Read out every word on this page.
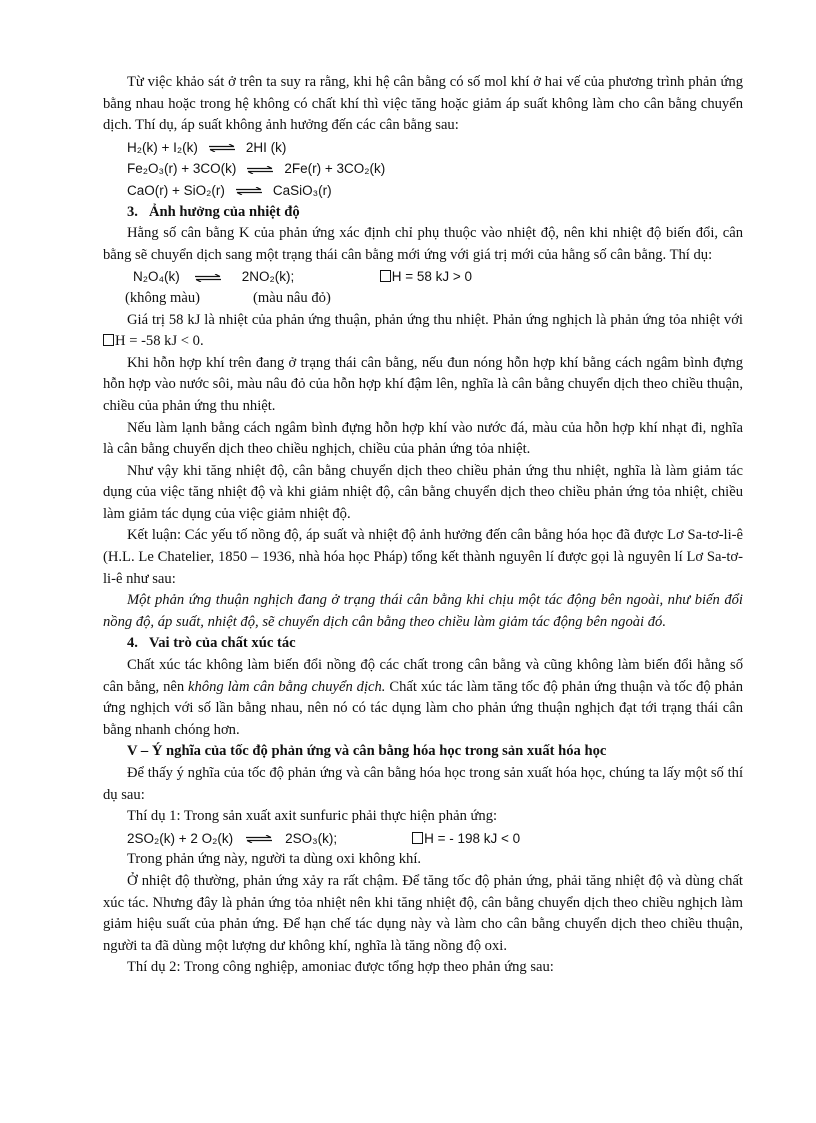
Từ việc khảo sát ở trên ta suy ra rằng, khi hệ cân bằng có số mol khí ở hai vế của phương trình phản ứng bằng nhau hoặc trong hệ không có chất khí thì việc tăng hoặc giảm áp suất không làm cho cân bằng chuyển dịch. Thí dụ, áp suất không ảnh hưởng đến các cân bằng sau:

H₂(k) + I₂(k) ⇌ 2HI (k)
Fe₂O₃(r) + 3CO(k) ⇌ 2Fe(r) + 3CO₂(k)
CaO(r) + SiO₂(r) ⇌ CaSiO₃(r)

3. Ảnh hưởng của nhiệt độ

Hằng số cân bằng K của phản ứng xác định chỉ phụ thuộc vào nhiệt độ, nên khi nhiệt độ biến đổi, cân bằng sẽ chuyển dịch sang một trạng thái cân bằng mới ứng với giá trị mới của hằng số cân bằng. Thí dụ:

N₂O₄(k) ⇌ 2NO₂(k);	H = 58 kJ > 0
(không màu)	(màu nâu đỏ)

Giá trị 58 kJ là nhiệt của phản ứng thuận, phản ứng thu nhiệt. Phản ứng nghịch là phản ứng tỏa nhiệt với H = -58 kJ < 0.

Khi hỗn hợp khí trên đang ở trạng thái cân bằng, nếu đun nóng hỗn hợp khí bằng cách ngâm bình đựng hỗn hợp vào nước sôi, màu nâu đỏ của hỗn hợp khí đậm lên, nghĩa là cân bằng chuyển dịch theo chiều thuận, chiều của phản ứng thu nhiệt.

Nếu làm lạnh bằng cách ngâm bình đựng hỗn hợp khí vào nước đá, màu của hỗn hợp khí nhạt đi, nghĩa là cân bằng chuyển dịch theo chiều nghịch, chiều của phản ứng tỏa nhiệt.

Như vậy khi tăng nhiệt độ, cân bằng chuyển dịch theo chiều phản ứng thu nhiệt, nghĩa là làm giảm tác dụng của việc tăng nhiệt độ và khi giảm nhiệt độ, cân bằng chuyển dịch theo chiều phản ứng tỏa nhiệt, chiều làm giảm tác dụng của việc giảm nhiệt độ.

Kết luận: Các yếu tố nồng độ, áp suất và nhiệt độ ảnh hưởng đến cân bằng hóa học đã được Lơ Sa-tơ-li-ê (H.L. Le Chatelier, 1850 – 1936, nhà hóa học Pháp) tổng kết thành nguyên lí được gọi là nguyên lí Lơ Sa-tơ-li-ê như sau:

Một phản ứng thuận nghịch đang ở trạng thái cân bằng khi chịu một tác động bên ngoài, như biến đổi nồng độ, áp suất, nhiệt độ, sẽ chuyển dịch cân bằng theo chiều làm giảm tác động bên ngoài đó.

4. Vai trò của chất xúc tác

Chất xúc tác không làm biến đổi nồng độ các chất trong cân bằng và cũng không làm biến đổi hằng số cân bằng, nên không làm cân bằng chuyển dịch. Chất xúc tác làm tăng tốc độ phản ứng thuận và tốc độ phản ứng nghịch với số lần bằng nhau, nên nó có tác dụng làm cho phản ứng thuận nghịch đạt tới trạng thái cân bằng nhanh chóng hơn.

V – Ý nghĩa của tốc độ phản ứng và cân bằng hóa học trong sản xuất hóa học

Để thấy ý nghĩa của tốc độ phản ứng và cân bằng hóa học trong sản xuất hóa học, chúng ta lấy một số thí dụ sau:

Thí dụ 1: Trong sản xuất axit sunfuric phải thực hiện phản ứng:

2SO₂(k) + 2 O₂(k) ⇌ 2SO₃(k);	H = - 198 kJ < 0

Trong phản ứng này, người ta dùng oxi không khí.

Ở nhiệt độ thường, phản ứng xảy ra rất chậm. Để tăng tốc độ phản ứng, phải tăng nhiệt độ và dùng chất xúc tác. Nhưng đây là phản ứng tỏa nhiệt nên khi tăng nhiệt độ, cân bằng chuyển dịch theo chiều nghịch làm giảm hiệu suất của phản ứng. Để hạn chế tác dụng này và làm cho cân bằng chuyển dịch theo chiều thuận, người ta đã dùng một lượng dư không khí, nghĩa là tăng nồng độ oxi.

Thí dụ 2: Trong công nghiệp, amoniac được tổng hợp theo phản ứng sau:
